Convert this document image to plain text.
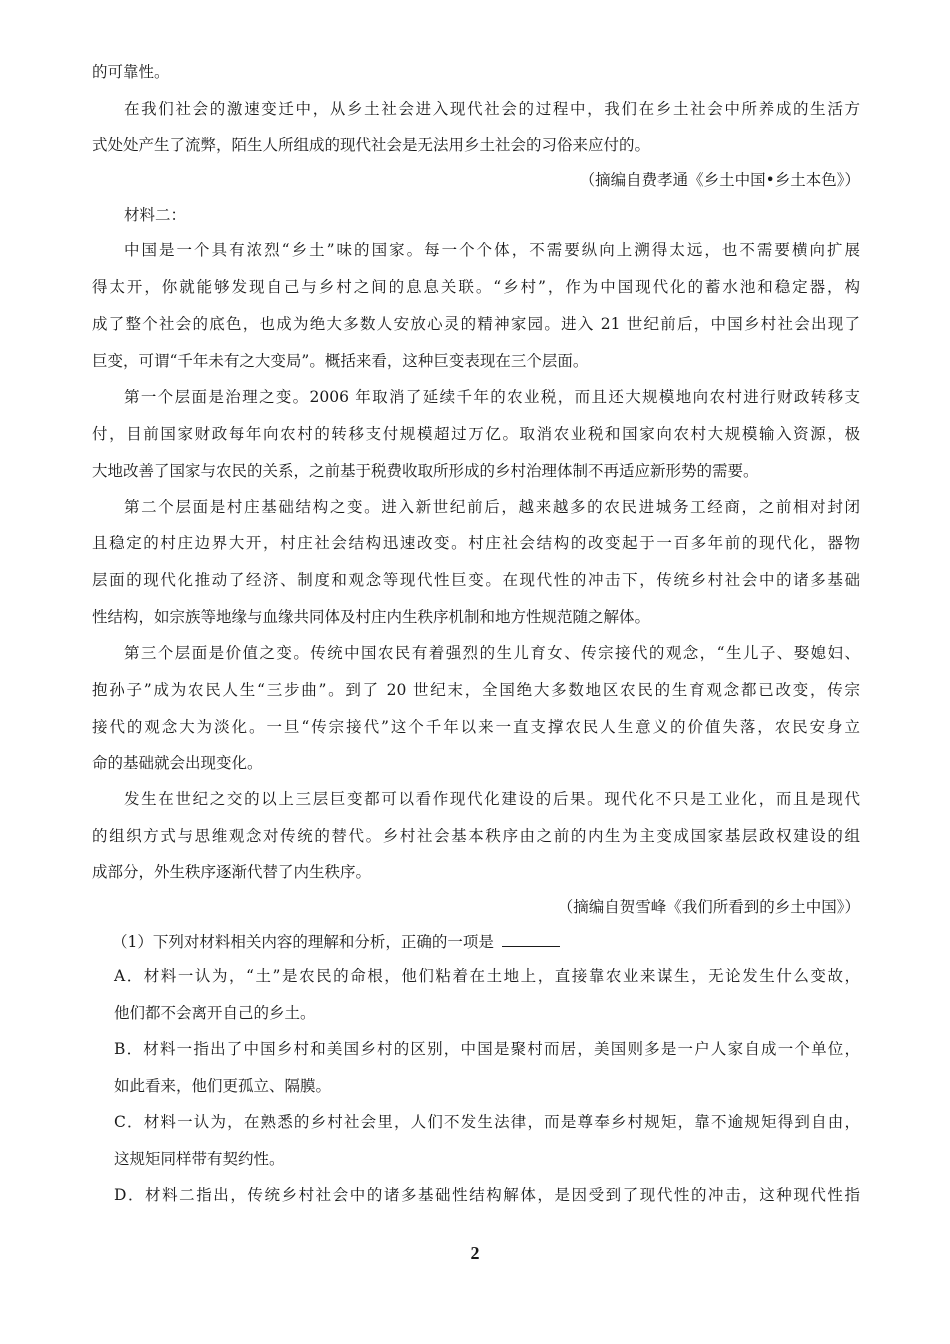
的可靠性。
在我们社会的激速变迁中，从乡土社会进入现代社会的过程中，我们在乡土社会中所养成的生活方
式处处产生了流弊，陌生人所组成的现代社会是无法用乡土社会的习俗来应付的。
（摘编自费孝通《乡土中国•乡土本色》）
材料二：
中国是一个具有浓烈“乡土”味的国家。每一个个体，不需要纵向上溯得太远，也不需要横向扩展
得太开，你就能够发现自己与乡村之间的息息关联。“乡村”，作为中国现代化的蓄水池和稳定器，构
成了整个社会的底色，也成为绝大多数人安放心灵的精神家园。进入 21 世纪前后，中国乡村社会出现了
巨变，可谓“千年未有之大变局”。概括来看，这种巨变表现在三个层面。
第一个层面是治理之变。2006 年取消了延续千年的农业税，而且还大规模地向农村进行财政转移支
付，目前国家财政每年向农村的转移支付规模超过万亿。取消农业税和国家向农村大规模输入资源，极
大地改善了国家与农民的关系，之前基于税费收取所形成的乡村治理体制不再适应新形势的需要。
第二个层面是村庄基础结构之变。进入新世纪前后，越来越多的农民进城务工经商，之前相对封闭
且稳定的村庄边界大开，村庄社会结构迅速改变。村庄社会结构的改变起于一百多年前的现代化，器物
层面的现代化推动了经济、制度和观念等现代性巨变。在现代性的冲击下，传统乡村社会中的诸多基础
性结构，如宗族等地缘与血缘共同体及村庄内生秩序机制和地方性规范随之解体。
第三个层面是价值之变。传统中国农民有着强烈的生儿育女、传宗接代的观念，“生儿子、娶媳妇、
抱孙子”成为农民人生“三步曲”。到了 20 世纪末，全国绝大多数地区农民的生育观念都已改变，传宗
接代的观念大为淡化。一旦“传宗接代”这个千年以来一直支撑农民人生意义的价值失落，农民安身立
命的基础就会出现变化。
发生在世纪之交的以上三层巨变都可以看作现代化建设的后果。现代化不只是工业化，而且是现代
的组织方式与思维观念对传统的替代。乡村社会基本秩序由之前的内生为主变成国家基层政权建设的组
成部分，外生秩序逐渐代替了内生秩序。
（摘编自贺雪峰《我们所看到的乡土中国》）
（1）下列对材料相关内容的理解和分析，正确的一项是
A．材料一认为，“土”是农民的命根，他们粘着在土地上，直接靠农业来谋生，无论发生什么变故，
他们都不会离开自己的乡土。
B．材料一指出了中国乡村和美国乡村的区别，中国是聚村而居，美国则多是一户人家自成一个单位，
如此看来，他们更孤立、隔膜。
C．材料一认为，在熟悉的乡村社会里，人们不发生法律，而是尊奉乡村规矩，靠不逾规矩得到自由，
这规矩同样带有契约性。
D．材料二指出，传统乡村社会中的诸多基础性结构解体，是因受到了现代性的冲击，这种现代性指
2
